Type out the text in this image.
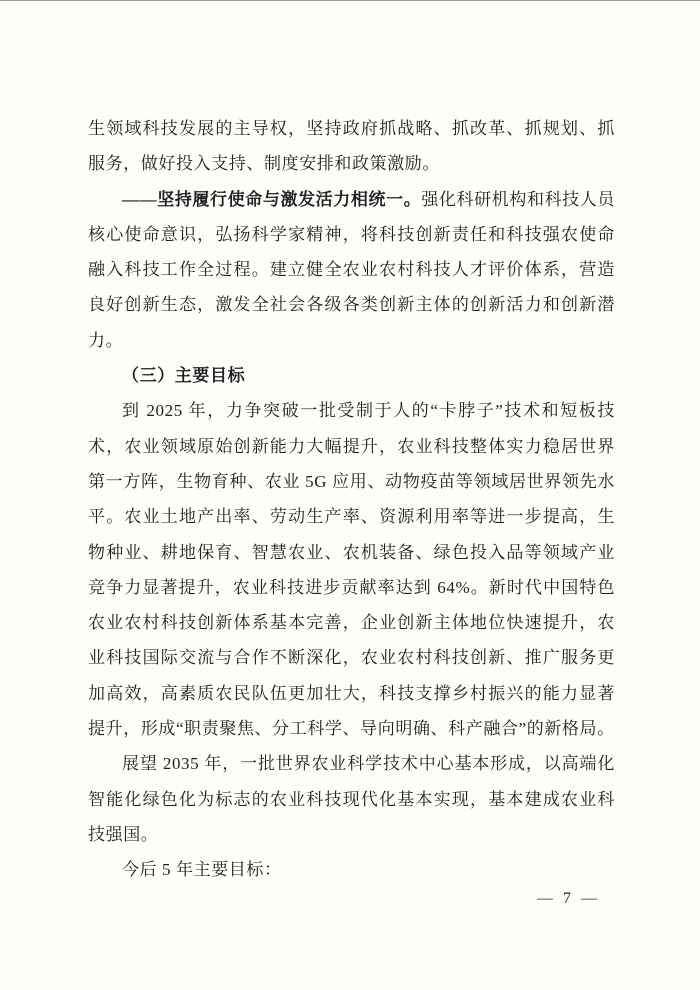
生领域科技发展的主导权，坚持政府抓战略、抓改革、抓规划、抓服务，做好投入支持、制度安排和政策激励。

——坚持履行使命与激发活力相统一。强化科研机构和科技人员核心使命意识，弘扬科学家精神，将科技创新责任和科技强农使命融入科技工作全过程。建立健全农业农村科技人才评价体系，营造良好创新生态，激发全社会各级各类创新主体的创新活力和创新潜力。

（三）主要目标

到 2025 年，力争突破一批受制于人的“卡脖子”技术和短板技术，农业领域原始创新能力大幅提升，农业科技整体实力稳居世界第一方阵，生物育种、农业 5G 应用、动物疫苗等领域居世界领先水平。农业土地产出率、劳动生产率、资源利用率等进一步提高，生物种业、耕地保育、智慧农业、农机装备、绿色投入品等领域产业竞争力显著提升，农业科技进步贡献率达到 64%。新时代中国特色农业农村科技创新体系基本完善，企业创新主体地位快速提升，农业科技国际交流与合作不断深化，农业农村科技创新、推广服务更加高效，高素质农民队伍更加壮大，科技支撑乡村振兴的能力显著提升，形成“职责聚焦、分工科学、导向明确、科产融合”的新格局。

展望 2035 年，一批世界农业科学技术中心基本形成，以高端化智能化绿色化为标志的农业科技现代化基本实现，基本建成农业科技强国。

今后 5 年主要目标：

— 7 —
